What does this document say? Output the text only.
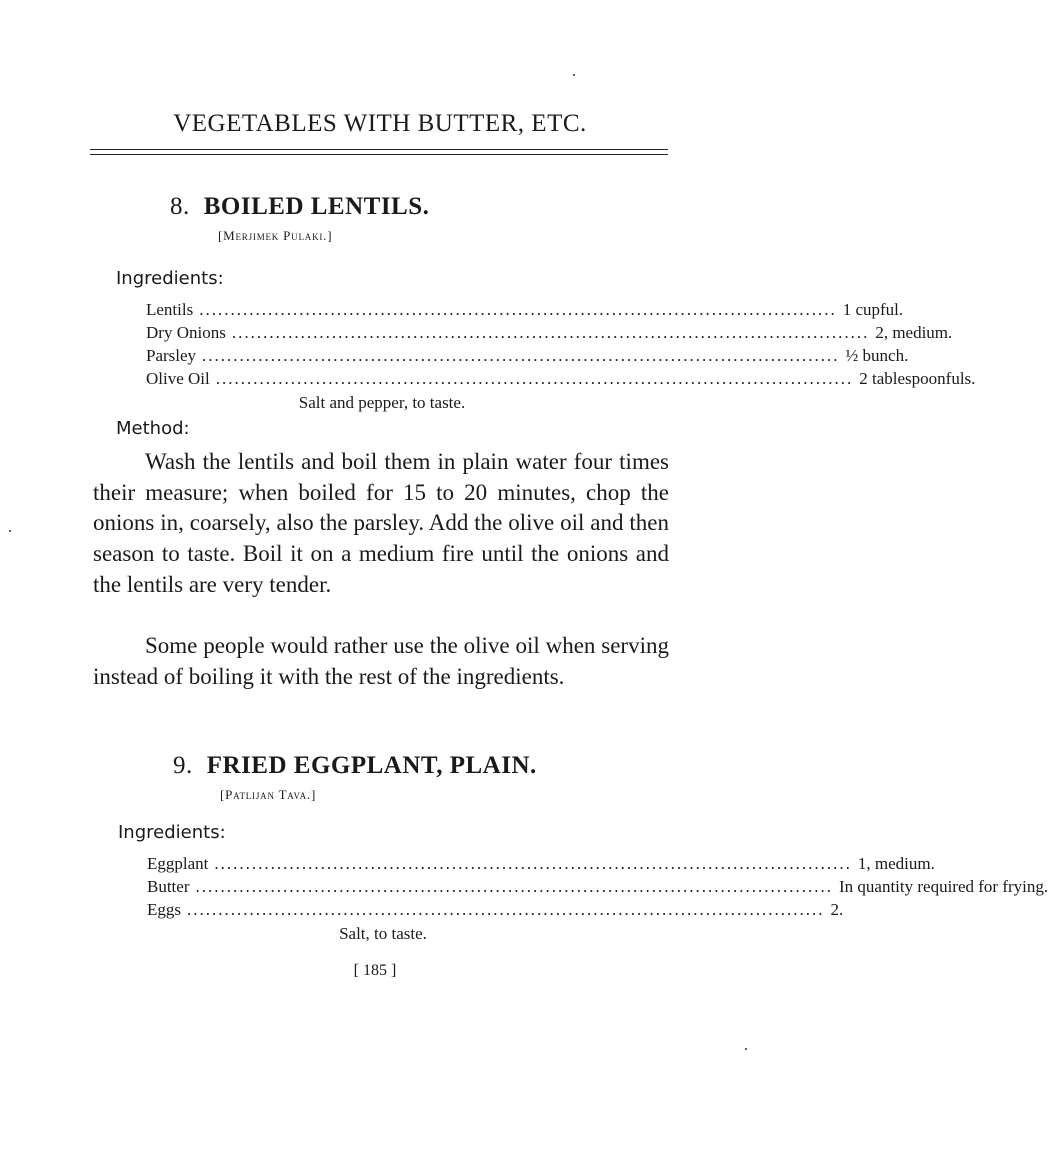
VEGETABLES WITH BUTTER, ETC.
8. BOILED LENTILS.
[Merjimek Pulaki.]
Ingredients:
Lentils ...................................................................................................... 1 cupful.
Dry Onions ...................................................................................................... 2, medium.
Parsley ...................................................................................................... ½ bunch.
Olive Oil ...................................................................................................... 2 tablespoonfuls.
Salt and pepper, to taste.
Method:

Wash the lentils and boil them in plain water four times their measure; when boiled for 15 to 20 minutes, chop the onions in, coarsely, also the parsley. Add the olive oil and then season to taste. Boil it on a medium fire until the onions and the lentils are very tender.

Some people would rather use the olive oil when serving instead of boiling it with the rest of the ingredients.

9. FRIED EGGPLANT, PLAIN.
[Patlijan Tava.]
Ingredients:
Eggplant ...................................................................................................... 1, medium.
Butter ...................................................................................................... In quantity required for frying.
Eggs ...................................................................................................... 2.
Salt, to taste.
[ 185 ]
